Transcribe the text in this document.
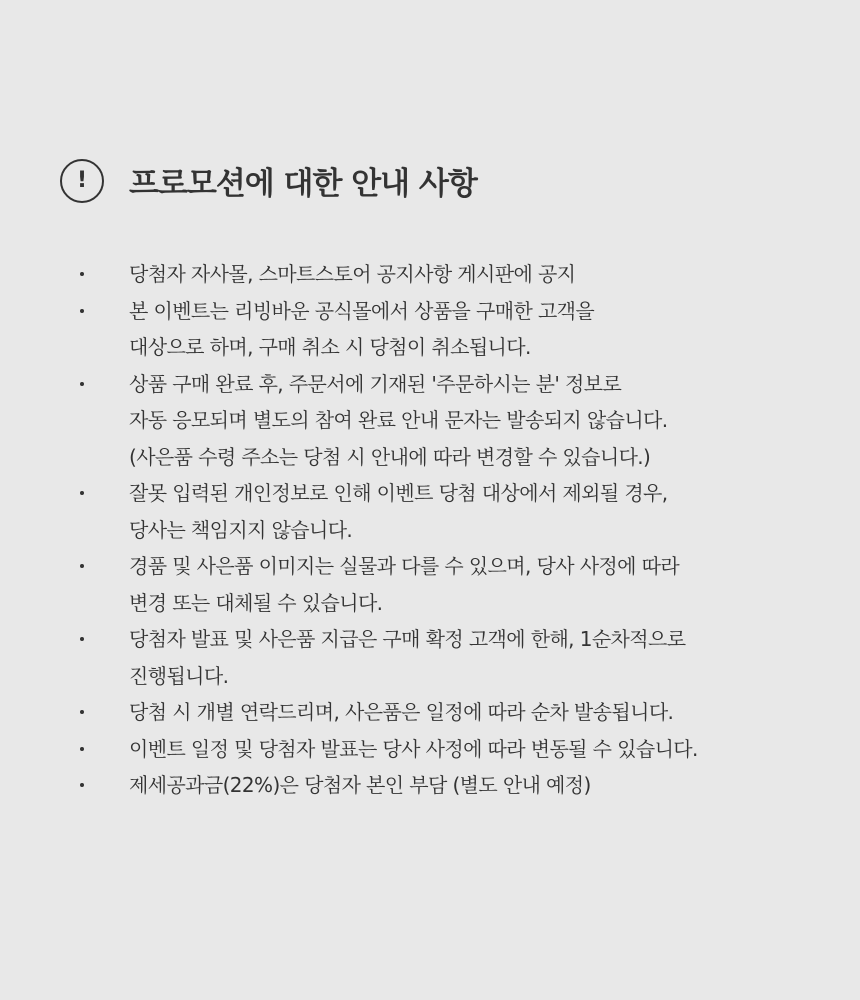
!	프로모션에 대한 안내 사항
당첨자 자사몰, 스마트스토어 공지사항 게시판에 공지
본 이벤트는 리빙바운 공식몰에서 상품을 구매한 고객을
대상으로 하며, 구매 취소 시 당첨이 취소됩니다.
상품 구매 완료 후, 주문서에 기재된 '주문하시는 분' 정보로
자동 응모되며 별도의 참여 완료 안내 문자는 발송되지 않습니다.
(사은품 수령 주소는 당첨 시 안내에 따라 변경할 수 있습니다.)
잘못 입력된 개인정보로 인해 이벤트 당첨 대상에서 제외될 경우,
당사는 책임지지 않습니다.
경품 및 사은품 이미지는 실물과 다를 수 있으며, 당사 사정에 따라
변경 또는 대체될 수 있습니다.
당첨자 발표 및 사은품 지급은 구매 확정 고객에 한해, 1순차적으로
진행됩니다.
당첨 시 개별 연락드리며, 사은품은 일정에 따라 순차 발송됩니다.
이벤트 일정 및 당첨자 발표는 당사 사정에 따라 변동될 수 있습니다.
제세공과금(22%)은 당첨자 본인 부담 (별도 안내 예정)
